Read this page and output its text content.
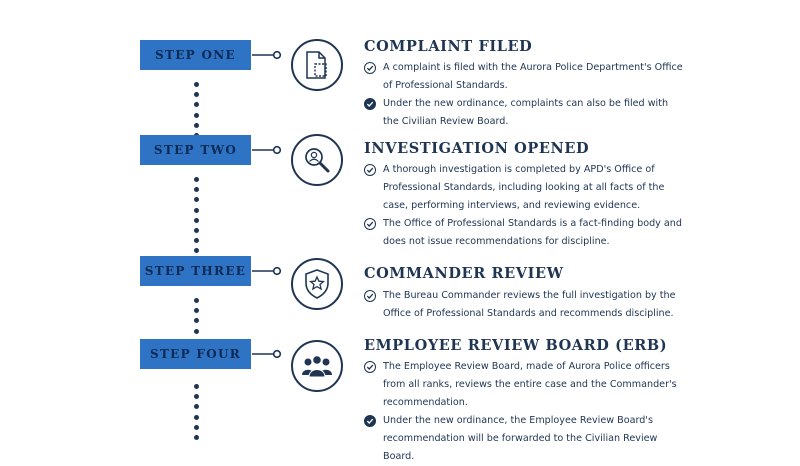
STEP ONE	COMPLAINT FILED
A complaint is filed with the Aurora Police Department's Office of Professional Standards.
Under the new ordinance, complaints can also be filed with the Civilian Review Board.
STEP TWO	INVESTIGATION OPENED
A thorough investigation is completed by APD's Office of Professional Standards, including looking at all facts of the case, performing interviews, and reviewing evidence.
The Office of Professional Standards is a fact-finding body and does not issue recommendations for discipline.
STEP THREE	COMMANDER REVIEW
The Bureau Commander reviews the full investigation by the Office of Professional Standards and recommends discipline.
STEP FOUR	EMPLOYEE REVIEW BOARD (ERB)
The Employee Review Board, made of Aurora Police officers from all ranks, reviews the entire case and the Commander's recommendation.
Under the new ordinance, the Employee Review Board's recommendation will be forwarded to the Civilian Review Board.
